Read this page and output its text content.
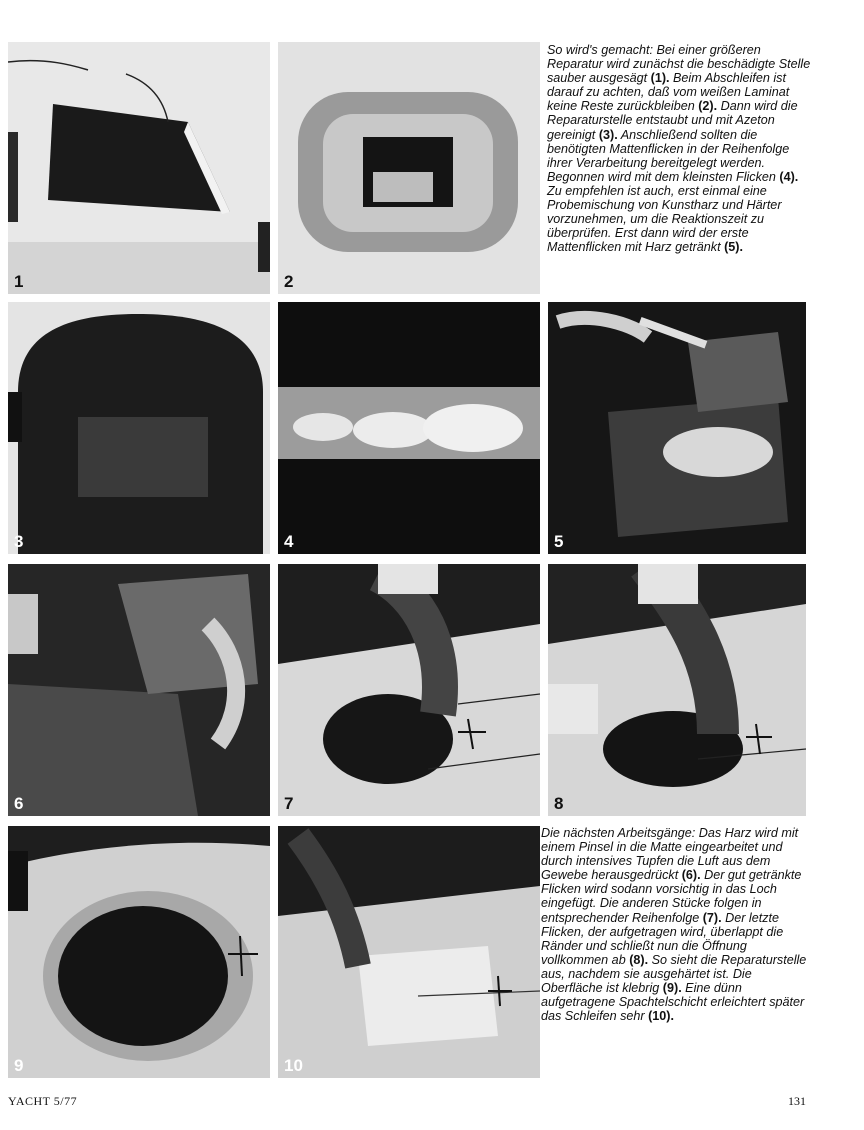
1	2
3	4	5
6	7	8
9	10

So wird's gemacht: Bei einer größeren Reparatur wird zunächst die beschädigte Stelle sauber ausgesägt (1). Beim Abschleifen ist darauf zu achten, daß vom weißen Laminat keine Reste zurückbleiben (2). Dann wird die Reparaturstelle entstaubt und mit Azeton gereinigt (3). Anschließend sollten die benötigten Mattenflicken in der Reihenfolge ihrer Verarbeitung bereitgelegt werden. Begonnen wird mit dem kleinsten Flicken (4). Zu empfehlen ist auch, erst einmal eine Probemischung von Kunstharz und Härter vorzunehmen, um die Reaktionszeit zu überprüfen. Erst dann wird der erste Mattenflicken mit Harz getränkt (5).

Die nächsten Arbeitsgänge: Das Harz wird mit einem Pinsel in die Matte eingearbeitet und durch intensives Tupfen die Luft aus dem Gewebe herausgedrückt (6). Der gut getränkte Flicken wird sodann vorsichtig in das Loch eingefügt. Die anderen Stücke folgen in entsprechender Reihenfolge (7). Der letzte Flicken, der aufgetragen wird, überlappt die Ränder und schließt nun die Öffnung vollkommen ab (8). So sieht die Reparaturstelle aus, nachdem sie ausgehärtet ist. Die Oberfläche ist klebrig (9). Eine dünn aufgetragene Spachtelschicht erleichtert später das Schleifen sehr (10).

YACHT 5/77	131
